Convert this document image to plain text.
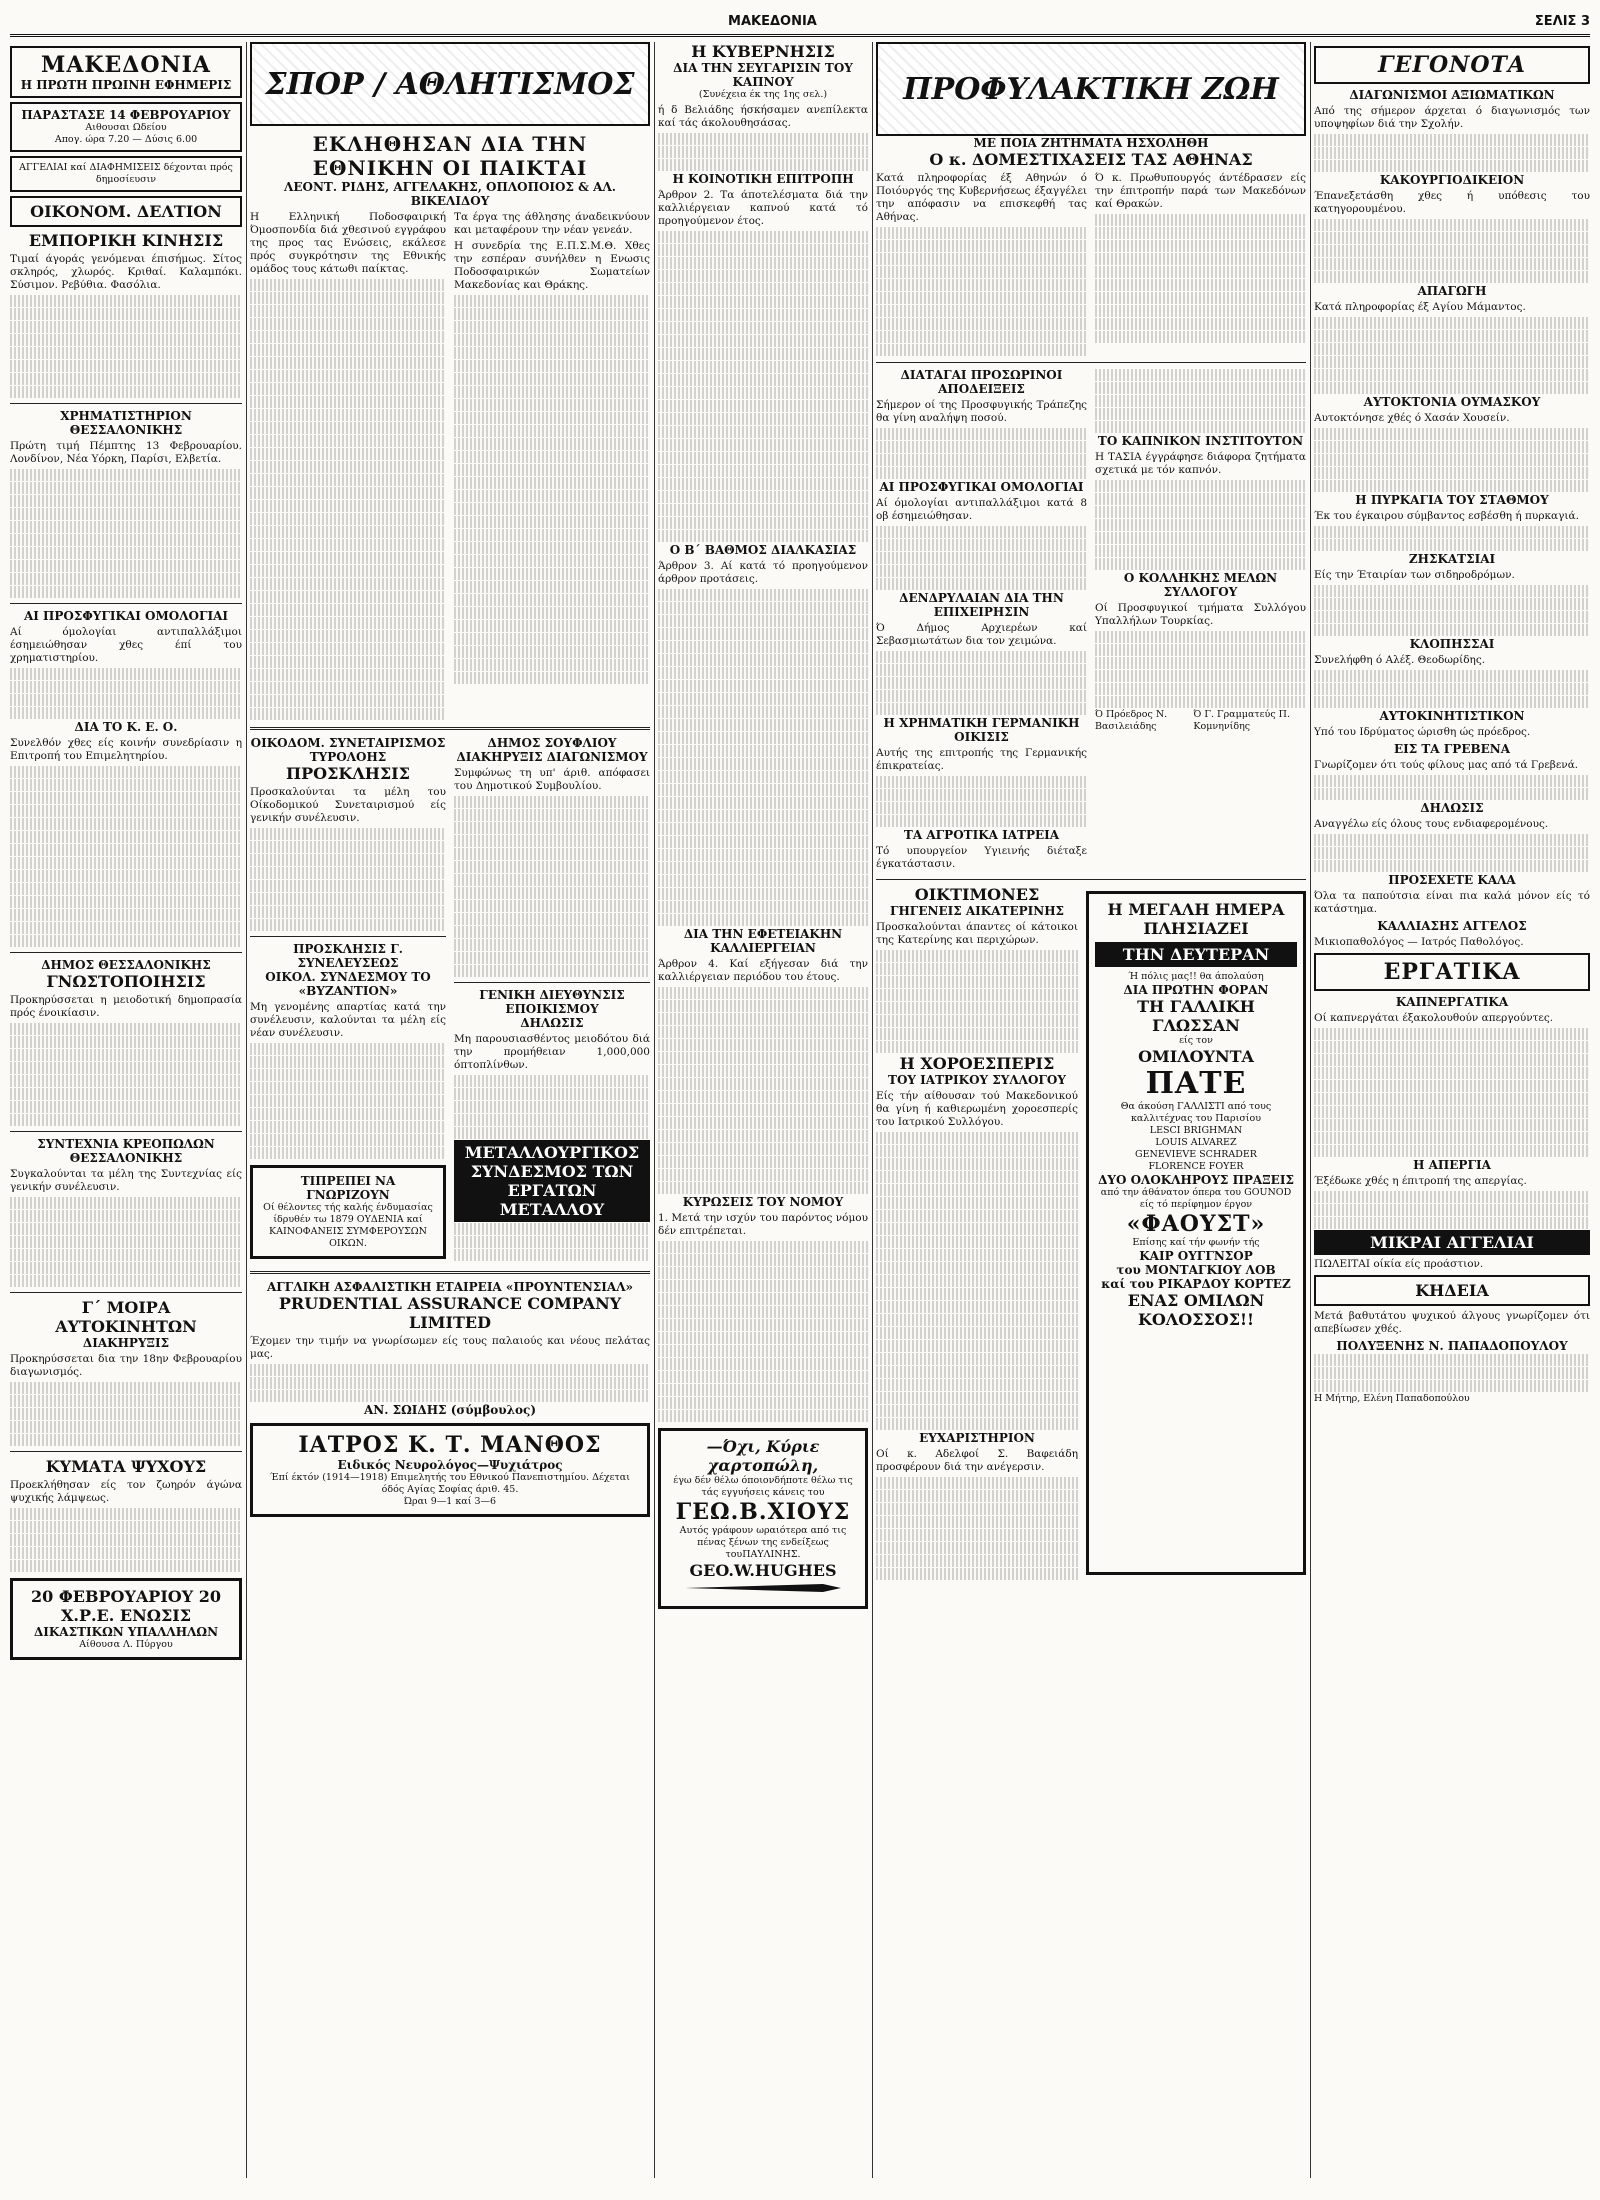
ΜΑΚΕΔΟΝΙΑ	ΣΕΛΙΣ 3
ΜΑΚΕΔΟΝΙΑ
Η ΠΡΩΤΗ ΠΡΩΙΝΗ ΕΦΗΜΕΡΙΣ
ΠΑΡΑΣΤΑΣΕ 14 ΦΕΒΡΟΥΑΡΙΟΥ
Αιθουσαι Ωδείου
Απογ. ώρα 7.20 — Δύσις 6.00
ΑΓΓΕΛΙΑΙ καί ΔΙΑΦΗΜΙΣΕΙΣ δέχονται πρός δημοσίευσιν
ΟΙΚΟΝΟΜ. ΔΕΛΤΙΟΝ
ΕΜΠΟΡΙΚΗ ΚΙΝΗΣΙΣ
Τιμαί άγοράς γενόμεναι έπισήμως. Σίτος σκληρός, χλωρός. Κριθαί. Καλαμπόκι. Σύσιμον. Ρεβύθια. Φασόλια.
ΧΡΗΜΑΤΙΣΤΗΡΙΟΝ ΘΕΣΣΑΛΟΝΙΚΗΣ
Πρώτη τιμή Πέμπτης 13 Φεβρουαρίου. Λονδίνον, Νέα Υόρκη, Παρίσι, Ελβετία.
ΑΙ ΠΡΟΣΦΥΓΙΚΑΙ ΟΜΟΛΟΓΙΑΙ
Αί όμολογίαι αντιπαλλάξιμοι έσημειώθησαν χθες έπί του χρηματιστηρίου.
ΔΙΑ ΤΟ Κ. Ε. Ο.
Συνελθόν χθες είς κοινήν συνεδρίασιν η Επιτροπή του Επιμελητηρίου.
ΔΗΜΟΣ ΘΕΣΣΑΛΟΝΙΚΗΣ
ΓΝΩΣΤΟΠΟΙΗΣΙΣ
Προκηρύσσεται η μειοδοτική δημοπρασία πρός ένοικίασιν.
ΣΥΝΤΕΧΝΙΑ ΚΡΕΟΠΩΛΩΝ ΘΕΣΣΑΛΟΝΙΚΗΣ
Συγκαλούνται τα μέλη της Συντεχνίας είς γενικήν συνέλευσιν.
Γ΄ ΜΟΙΡΑ ΑΥΤΟΚΙΝΗΤΩΝ
ΔΙΑΚΗΡΥΞΙΣ
Προκηρύσσεται δια την 18ην Φεβρουαρίου διαγωνισμός.
ΚΥΜΑΤΑ ΨΥΧΟΥΣ
Προεκλήθησαν είς τον ζωηρόν άγώνα ψυχικής λάμψεως.
20 ΦΕΒΡΟΥΑΡΙΟΥ 20
Χ.Ρ.Ε. ΕΝΩΣΙΣ
ΔΙΚΑΣΤΙΚΩΝ ΥΠΑΛΛΗΛΩΝ
Αίθουσα Λ. Πύργου
ΣΠΟΡ / ΑΘΛΗΤΙΣΜΟΣ
ΕΚΛΗΘΗΣΑΝ ΔΙΑ ΤΗΝ ΕΘΝΙΚΗΝ ΟΙ ΠΑΙΚΤΑΙ
ΛΕΟΝΤ. ΡΙΔΗΣ, ΑΓΓΕΛΑΚΗΣ, ΟΠΛΟΠΟΙΟΣ & ΑΛ. ΒΙΚΕΛΙΔΟΥ
Η Ελληνική Ποδοσφαιρική Όμοσπονδία διά χθεσινού εγγράφου της προς τας Ενώσεις, εκάλεσε πρός συγκρότησιν της Εθνικής ομάδος τους κάτωθι παίκτας.
Τα έργα της άθλησης άναδεικνύουν και μεταφέρουν την νέαν γενεάν.
Η συνεδρία της Ε.Π.Σ.Μ.Θ. Χθες την εσπέραν συνήλθεν η Ενωσις Ποδοσφαιρικών Σωματείων Μακεδονίας και Θράκης.
ΟΙΚΟΔΟΜ. ΣΥΝΕΤΑΙΡΙΣΜΟΣ ΤΥΡΟΛΟΗΣ
ΠΡΟΣΚΛΗΣΙΣ
Προσκαλούνται τα μέλη του Οίκοδομικού Συνεταιρισμού είς γενικήν συνέλευσιν.
ΠΡΟΣΚΛΗΣΙΣ Γ. ΣΥΝΕΛΕΥΣΕΩΣ
ΟΙΚΟΛ. ΣΥΝΔΕΣΜΟΥ ΤΟ «ΒΥΖΑΝΤΙΟΝ»
Μη γενομένης απαρτίας κατά την συνέλευσιν, καλούνται τα μέλη είς νέαν συνέλευσιν.
ΤΙΠΡΕΠΕΙ ΝΑ ΓΝΩΡΙΖΟΥΝ
Οί θέλοντες τής καλής ένδυμασίας ίδρυθέν τω 1879 ΟΥΔΕΝΙΑ καί ΚΑΙΝΟΦΑΝΕΙΣ ΣΥΜΦΕΡΟΥΣΩΝ ΟΙΚΩΝ.
ΔΗΜΟΣ ΣΟΥΦΛΙΟΥ
ΔΙΑΚΗΡΥΞΙΣ ΔΙΑΓΩΝΙΣΜΟΥ
Συμφώνως τη υπ' άριθ. απόφασει του Δημοτικού Συμβουλίου.
ΓΕΝΙΚΗ ΔΙΕΥΘΥΝΣΙΣ ΕΠΟΙΚΙΣΜΟΥ
ΔΗΛΩΣΙΣ
Μη παρουσιασθέντος μειοδότου διά την προμήθειαν 1,000,000 όπτοπλίνθων.
ΜΕΤΑΛΛΟΥΡΓΙΚΟΣ ΣΥΝΔΕΣΜΟΣ ΤΩΝ ΕΡΓΑΤΩΝ ΜΕΤΑΛΛΟΥ
ΑΓΓΛΙΚΗ ΑΣΦΑΛΙΣΤΙΚΗ ΕΤΑΙΡΕΙΑ «ΠΡΟΥΝΤΕΝΣΙΑΛ»
PRUDENTIAL ASSURANCE COMPANY LIMITED
Έχομεν την τιμήν να γνωρίσωμεν είς τους παλαιούς και νέους πελάτας μας.
ΑΝ. ΣΩΙΔΗΣ (σύμβουλος)
ΙΑΤΡΟΣ Κ. Τ. ΜΑΝΘΟΣ
Ειδικός Νευρολόγος—Ψυχιάτρος
Έπί έκτόν (1914—1918) Επιμελητής του Εθνικού Πανεπιστημίου. Δέχεται όδός Αγίας Σοφίας άριθ. 45.
Ώραι 9—1 καί 3—6
Η ΚΥΒΕΡΝΗΣΙΣ
ΔΙΑ ΤΗΝ ΣΕΥΓΑΡΙΣΙΝ ΤΟΥ ΚΑΠΝΟΥ
(Συνέχεια έκ της 1ης σελ.)
ή δ Βελιάδης ήσκήσαμεν ανεπίλεκτα καί τάς άκολουθησάσας.
Η ΚΟΙΝΟΤΙΚΗ ΕΠΙΤΡΟΠΗ
Άρθρον 2. Τα άποτελέσματα διά την καλλιέργειαν καπνού κατά τό προηγούμενον έτος.
Ο Β΄ ΒΑΘΜΟΣ ΔΙΑΛΚΑΣΙΑΣ
Άρθρον 3. Αί κατά τό προηγούμενον άρθρον προτάσεις.
ΔΙΑ ΤΗΝ ΕΦΕΤΕΙΑΚΗΝ ΚΑΛΛΙΕΡΓΕΙΑΝ
Άρθρον 4. Καί εξήγεσαν διά την καλλιέργειαν περιόδου του έτους.
ΚΥΡΩΣΕΙΣ ΤΟΥ ΝΟΜΟΥ
1. Μετά την ισχύν του παρόντος νόμου δέν επιτρέπεται.
—Όχι, Κύριε χαρτοπώλη,
έγω δέν θέλω όποιονδήποτε θέλω τις τάς εγγυήσεις κάνεις του
ΓΕΩ.Β.ΧΙΟΥΣ
Αυτός γράφουν ωραιότερα από τις πένας ξένων της ενδείξεως τουΠΑΥΛΙΝΗΣ.
GEO.W.HUGHES
ΠΡΟΦΥΛΑΚΤΙΚΗ ΖΩΗ
ΜΕ ΠΟΙΑ ΖΗΤΗΜΑΤΑ ΗΣΧΟΛΗΘΗ
Ο κ. ΔΟΜΕΣΤΙΧΑΣΕΙΣ ΤΑΣ ΑΘΗΝΑΣ
Κατά πληροφορίας έξ Αθηνών ό Ποιόυργός της Κυβερνήσεως έξαγγέλει την απόφασιν να επισκεφθή τας Αθήνας.
Ό κ. Πρωθυπουργός άντέδρασεν είς την έπιτροπήν παρά των Μακεδόνων καί Θρακών.
ΔΙΑΤΑΓΑΙ ΠΡΟΣΩΡΙΝΟΙ ΑΠΟΔΕΙΞΕΙΣ
Σήμερον οί της Προσφυγικής Τράπεζης θα γίνη αναλήψη ποσού.
ΑΙ ΠΡΟΣΦΥΓΙΚΑΙ ΟΜΟΛΟΓΙΑΙ
Αί όμολογίαι αντιπαλλάξιμοι κατά 8 οβ έσημειώθησαν.
ΔΕΝΔΡΥΛΑΙΑΝ ΔΙΑ ΤΗΝ ΕΠΙΧΕΙΡΗΣΙΝ
Ό Δήμος Αρχιερέων καί Σεβασμιωτάτων δια τον χειμώνα.
Η ΧΡΗΜΑΤΙΚΗ ΓΕΡΜΑΝΙΚΗ ΟΙΚΙΣΙΣ
Αυτής της επιτροπής της Γερμανικής έπικρατείας.
ΤΑ ΑΓΡΟΤΙΚΑ ΙΑΤΡΕΙΑ
Τό υπουργείον Υγιεινής διέταξε έγκατάστασιν.
ΤΟ ΚΑΠΝΙΚΟΝ ΙΝΣΤΙΤΟΥΤΟΝ
Η ΤΑΣΙΑ έγγράφησε διάφορα ζητήματα σχετικά με τόν καπνόν.
Ο ΚΟΛΛΗΚΗΣ ΜΕΛΩΝ ΣΥΛΛΟΓΟΥ
Οί Προσφυγικοί τμήματα Συλλόγου Υπαλλήλων Τουρκίας.
Ό Πρόεδρος Ν. Βασιλειάδης
Ό Γ. Γραμματεύς Π. Κομνηνίδης
ΟΙΚΤΙΜΟΝΕΣ
ΓΗΓΕΝΕΙΣ ΑΙΚΑΤΕΡΙΝΗΣ
Προσκαλούνται άπαντες οί κάτοικοι της Κατερίνης και περιχώρων.
Η ΧΟΡΟΕΣΠΕΡΙΣ
ΤΟΥ ΙΑΤΡΙΚΟΥ ΣΥΛΛΟΓΟΥ
Είς τήν αίθουσαν τού Μακεδονικού θα γίνη ή καθιερωμένη χοροεσπερίς του Ιατρικού Συλλόγου.
ΕΥΧΑΡΙΣΤΗΡΙΟΝ
Οί κ. Αδελφοί Σ. Βαφειάδη προσφέρουν διά την ανέγερσιν.
Η ΜΕΓΑΛΗ ΗΜΕΡΑ
ΠΛΗΣΙΑΖΕΙ
ΤΗΝ ΔΕΥΤΕΡΑΝ
Ή πόλις μας!! θα άπολαύση
ΔΙΑ ΠΡΩΤΗΝ ΦΟΡΑΝ
ΤΗ ΓΑΛΛΙΚΗ ΓΛΩΣΣΑΝ
είς τον
ΟΜΙΛΟΥΝΤΑ
ΠΑΤΕ
Θα άκούση ΓΑΛΛΙΣΤΙ από τους καλλιτέχνας του Παρισίου
LESCI BRIGHMAN
LOUIS ALVAREZ
GENEVIEVE SCHRADER
FLORENCE FOYER
ΔΥΟ ΟΛΟΚΛΗΡΟΥΣ ΠΡΑΞΕΙΣ
από την άθάνατον όπερα του GOUNOD είς τό περίφημον έργον
«ΦΑΟΥΣΤ»
Επίσης καί τήν φωνήν τής
ΚΑΙΡ ΟΥΓΓΝΣΟΡ
του ΜΟΝΤΑΓΚΙΟΥ ΛΟΒ
καί του ΡΙΚΑΡΔΟΥ ΚΟΡΤΕΖ
ΕΝΑΣ ΟΜΙΛΩΝ ΚΟΛΟΣΣΟΣ!!
ΓΕΓΟΝΟΤΑ
ΔΙΑΓΩΝΙΣΜΟΙ ΑΞΙΩΜΑΤΙΚΩΝ
Από της σήμερον άρχεται ό διαγωνισμός των υποψηφίων διά την Σχολήν.
ΚΑΚΟΥΡΓΙΟΔΙΚΕΙΟΝ
Έπανεξετάσθη χθες ή υπόθεσις του κατηγορουμένου.
ΑΠΑΓΩΓΗ
Κατά πληροφορίας έξ Αγίου Μάμαντος.
ΑΥΤΟΚΤΟΝΙΑ ΟΥΜΑΣΚΟΥ
Αυτοκτόνησε χθές ό Χασάν Χουσείν.
Η ΠΥΡΚΑΓΙΑ ΤΟΥ ΣΤΑΘΜΟΥ
Έκ του έγκαιρου σύμβαντος εσβέσθη ή πυρκαγιά.
ΖΗΣΚΑΤΣΙΑΙ
Είς την Έταιρίαν των σιδηροδρόμων.
ΚΛΟΠΗΣΣΑΙ
Συνελήφθη ό Αλέξ. Θεοδωρίδης.
ΑΥΤΟΚΙΝΗΤΙΣΤΙΚΟΝ
Υπό του Ιδρύματος ώρισθη ώς πρόεδρος.
ΕΙΣ ΤΑ ΓΡΕΒΕΝΑ
Γνωρίζομεν ότι τούς φίλους μας από τά Γρεβενά.
ΔΗΛΩΣΙΣ
Αναγγέλω είς όλους τους ενδιαφερομένους.
ΠΡΟΣΕΧΕΤΕ ΚΑΛΑ
Όλα τα παπούτσια είναι πια καλά μόνον είς τό κατάστημα.
ΚΑΛΛΙΑΣΗΣ ΑΓΓΕΛΟΣ
Μικιοπαθολόγος — Ιατρός Παθολόγος.
ΕΡΓΑΤΙΚΑ
ΚΑΠΝΕΡΓΑΤΙΚΑ
Οί καπνεργάται έξακολουθούν απεργούντες.
Η ΑΠΕΡΓΙΑ
Έξέδωκε χθές η έπιτροπή της απεργίας.
ΜΙΚΡΑΙ ΑΓΓΕΛΙΑΙ
ΠΩΛΕΙΤΑΙ οίκία είς προάστιον.
ΚΗΔΕΙΑ
Μετά βαθυτάτου ψυχικού άλγους γνωρίζομεν ότι απεβίωσεν χθές.
ΠΟΛΥΞΕΝΗΣ Ν. ΠΑΠΑΔΟΠΟΥΛΟΥ
Η Μήτηρ, Ελένη Παπαδοπούλου
